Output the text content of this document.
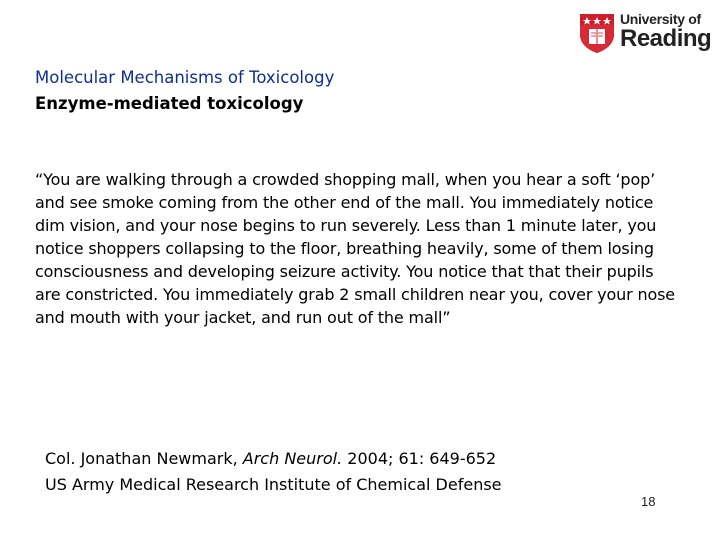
University of
Reading
Molecular Mechanisms of Toxicology
Enzyme-mediated toxicology

“You are walking through a crowded shopping mall, when you hear a soft ‘pop’ and see smoke coming from the other end of the mall. You immediately notice dim vision, and your nose begins to run severely. Less than 1 minute later, you notice shoppers collapsing to the floor, breathing heavily, some of them losing consciousness and developing seizure activity. You notice that that their pupils are constricted. You immediately grab 2 small children near you, cover your nose and mouth with your jacket, and run out of the mall”

Col. Jonathan Newmark, Arch Neurol. 2004; 61: 649-652
US Army Medical Research Institute of Chemical Defense
18
